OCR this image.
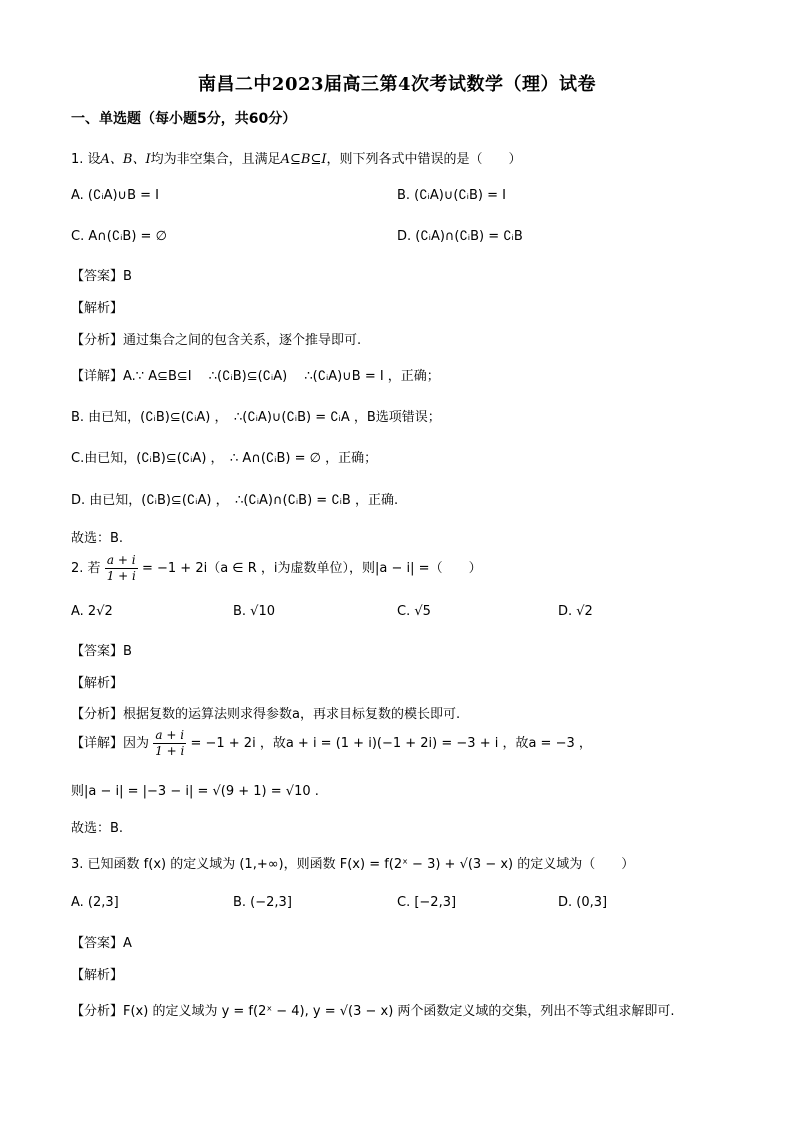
南昌二中2023届高三第4次考试数学（理）试卷
一、单选题（每小题5分，共60分）
1. 设A、B、I均为非空集合，且满足A⊆B⊆I，则下列各式中错误的是（　　）
A. (∁ᵢA)∪B = I	B. (∁ᵢA)∪(∁ᵢB) = I
C. A∩(∁ᵢB) = ∅	D. (∁ᵢA)∩(∁ᵢB) = ∁ᵢB
【答案】B
【解析】
【分析】通过集合之间的包含关系，逐个推导即可.
【详解】A.∵ A⊆B⊆I　 ∴(∁ᵢB)⊆(∁ᵢA)　 ∴(∁ᵢA)∪B = I ，正确；
B. 由已知，(∁ᵢB)⊆(∁ᵢA) ，　∴(∁ᵢA)∪(∁ᵢB) = ∁ᵢA ，B选项错误；
C.由已知，(∁ᵢB)⊆(∁ᵢA) ，　∴ A∩(∁ᵢB) = ∅ ，正确；
D. 由已知，(∁ᵢB)⊆(∁ᵢA) ，　∴(∁ᵢA)∩(∁ᵢB) = ∁ᵢB ，正确.
故选：B.
2. 若 $\frac{a + i}{1 + i} = -1 + 2i(a$ ∈ R ，i为虚数单位），则|a − i| =（　　）
A. 2√2	B. √10	C. √5	D. √2
【答案】B
【解析】
【分析】根据复数的运算法则求得参数a，再求目标复数的模长即可.
【详解】因为 $\frac{a + i}{1 + i} = -1 + 2i$ ，故a + i = (1 + i)(−1 + 2i) = −3 + i ，故a = −3 ，
则|a − i| = |−3 − i| = √(9 + 1) = √10 .
故选：B.
3. 已知函数 f(x) 的定义域为 (1,+∞)，则函数 F(x) = f(2ˣ − 3) + √(3 − x) 的定义域为（　　）
A. (2,3]	B. (−2,3]	C. [−2,3]	D. (0,3]
【答案】A
【解析】
【分析】F(x) 的定义域为 y = f(2ˣ − 4), y = √(3 − x) 两个函数定义域的交集，列出不等式组求解即可.
